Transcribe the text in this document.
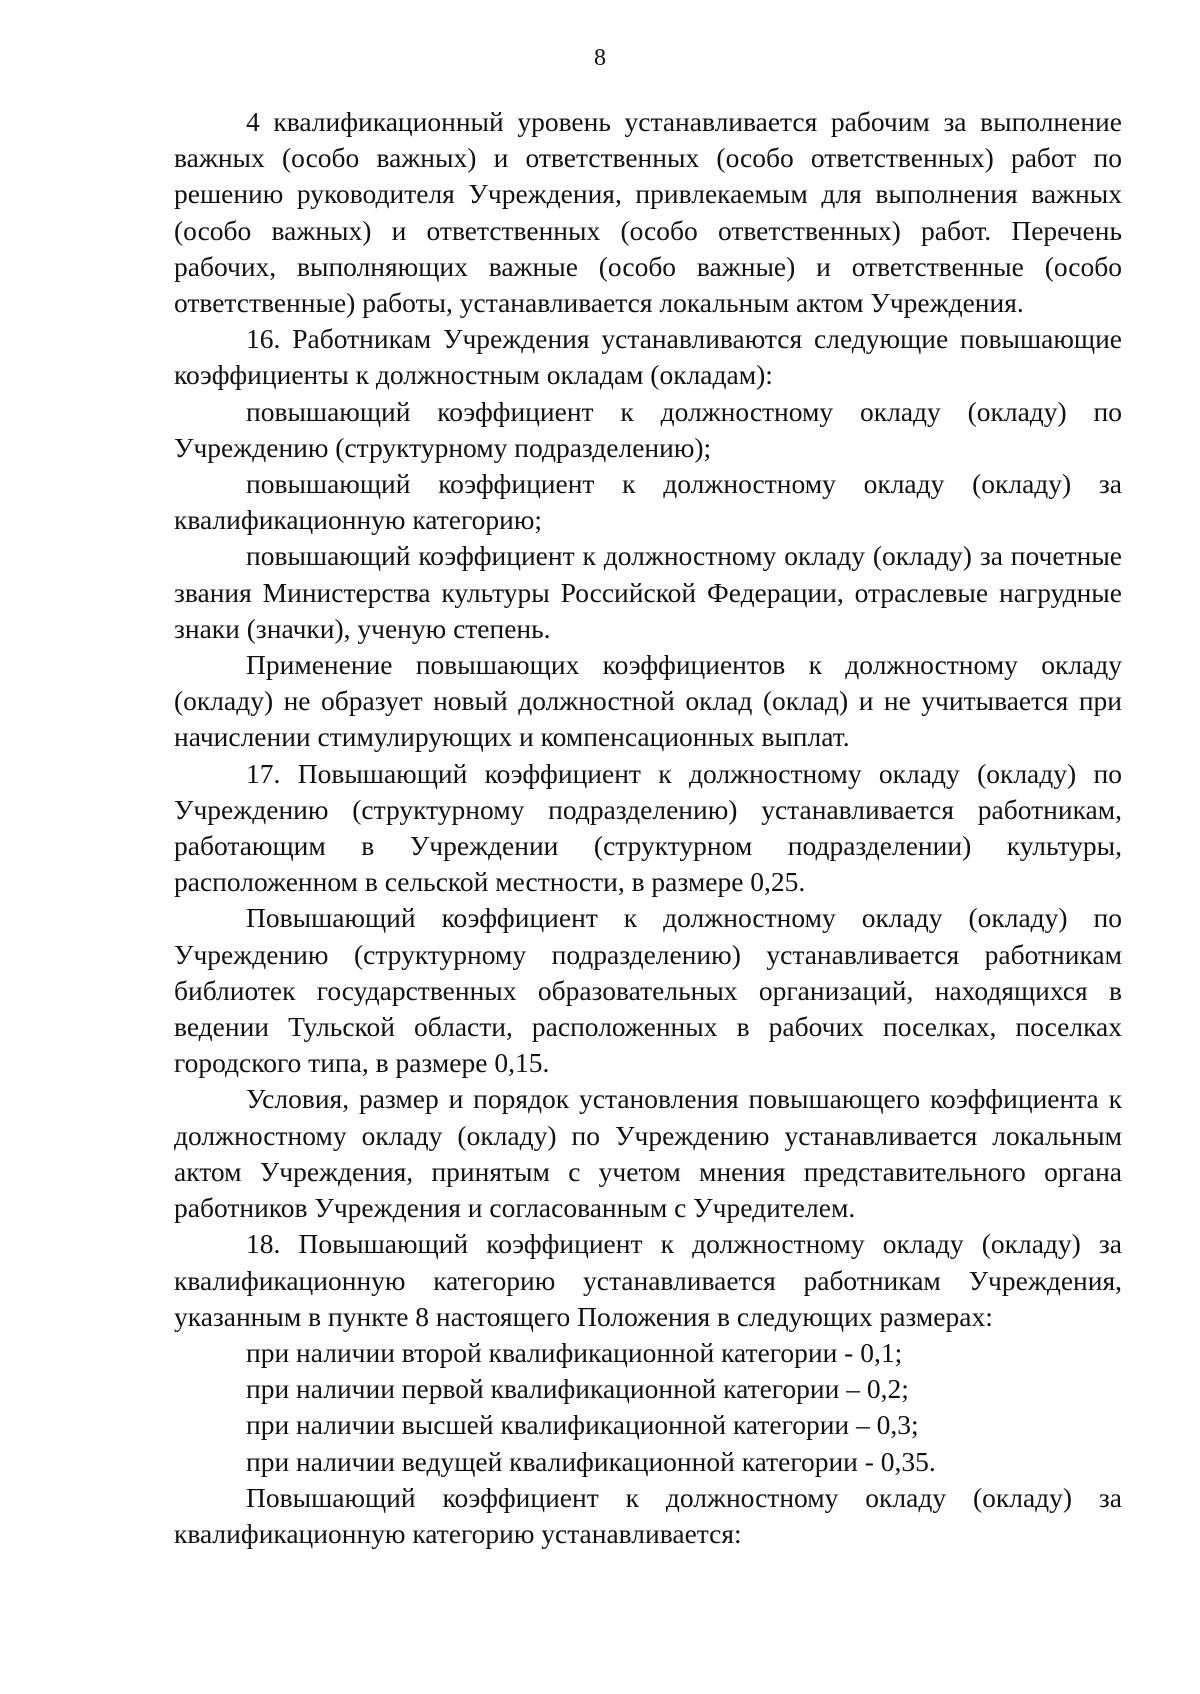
8

4 квалификационный уровень устанавливается рабочим за выполнение важных (особо важных) и ответственных (особо ответственных) работ по решению руководителя Учреждения, привлекаемым для выполнения важных (особо важных) и ответственных (особо ответственных) работ. Перечень рабочих, выполняющих важные (особо важные) и ответственные (особо ответственные) работы, устанавливается локальным актом Учреждения.

16. Работникам Учреждения устанавливаются следующие повышающие коэффициенты к должностным окладам (окладам):

повышающий коэффициент к должностному окладу (окладу) по Учреждению (структурному подразделению);

повышающий коэффициент к должностному окладу (окладу) за квалификационную категорию;

повышающий коэффициент к должностному окладу (окладу) за почетные звания Министерства культуры Российской Федерации, отраслевые нагрудные знаки (значки), ученую степень.

Применение повышающих коэффициентов к должностному окладу (окладу) не образует новый должностной оклад (оклад) и не учитывается при начислении стимулирующих и компенсационных выплат.

17. Повышающий коэффициент к должностному окладу (окладу) по Учреждению (структурному подразделению) устанавливается работникам, работающим в Учреждении (структурном подразделении) культуры, расположенном в сельской местности, в размере 0,25.

Повышающий коэффициент к должностному окладу (окладу) по Учреждению (структурному подразделению) устанавливается работникам библиотек государственных образовательных организаций, находящихся в ведении Тульской области, расположенных в рабочих поселках, поселках городского типа, в размере 0,15.

Условия, размер и порядок установления повышающего коэффициента к должностному окладу (окладу) по Учреждению устанавливается локальным актом Учреждения, принятым с учетом мнения представительного органа работников Учреждения и согласованным с Учредителем.

18. Повышающий коэффициент к должностному окладу (окладу) за квалификационную категорию устанавливается работникам Учреждения, указанным в пункте 8 настоящего Положения в следующих размерах:

при наличии второй квалификационной категории - 0,1;

при наличии первой квалификационной категории – 0,2;

при наличии высшей квалификационной категории – 0,3;

при наличии ведущей квалификационной категории - 0,35.

Повышающий коэффициент к должностному окладу (окладу) за квалификационную категорию устанавливается:
